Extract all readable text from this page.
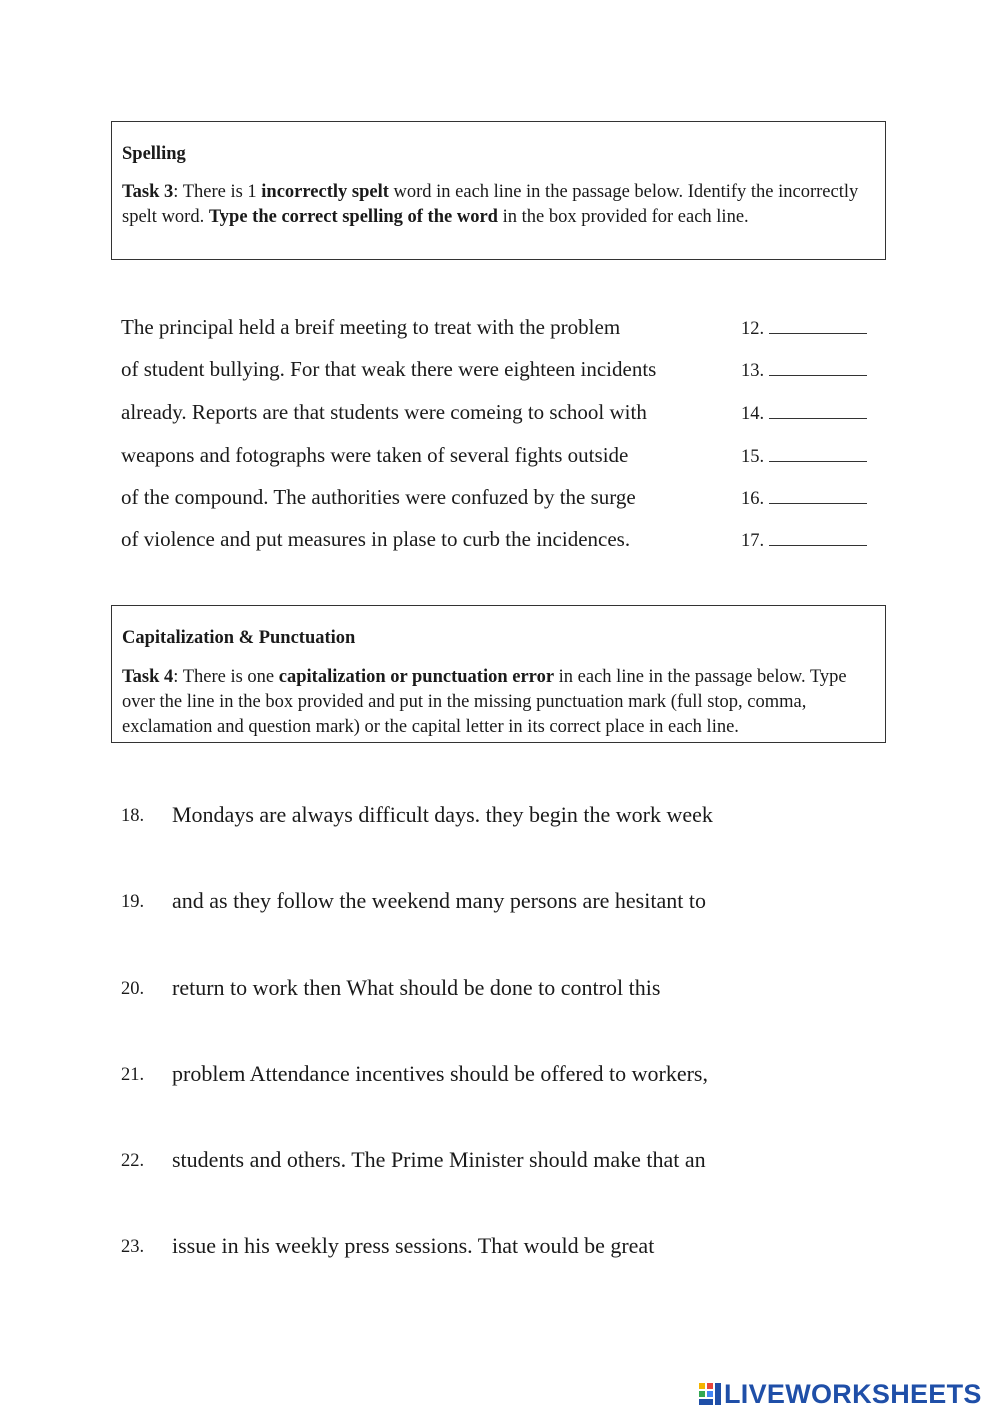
Spelling

Task 3: There is 1 incorrectly spelt word in each line in the passage below. Identify the incorrectly spelt word. Type the correct spelling of the word in the box provided for each line.

The principal held a breif meeting to treat with the problem	12.
of student bullying. For that weak there were eighteen incidents	13.
already. Reports are that students were comeing to school with	14.
weapons and fotographs were taken of several fights outside	15.
of the compound. The authorities were confuzed by the surge	16.
of violence and put measures in plase to curb the incidences.	17.

Capitalization & Punctuation

Task 4: There is one capitalization or punctuation error in each line in the passage below. Type over the line in the box provided and put in the missing punctuation mark (full stop, comma, exclamation and question mark) or the capital letter in its correct place in each line.

18. Mondays are always difficult days. they begin the work week
19. and as they follow the weekend many persons are hesitant to
20. return to work then What should be done to control this
21. problem Attendance incentives should be offered to workers,
22. students and others. The Prime Minister should make that an
23. issue in his weekly press sessions. That would be great
LIVEWORKSHEETS
